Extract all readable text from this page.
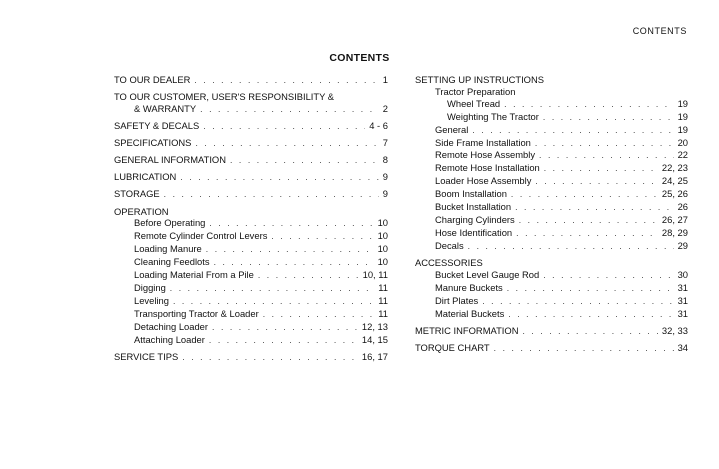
CONTENTS
CONTENTS
TO OUR DEALER . . .	1
TO OUR CUSTOMER, USER'S RESPONSIBILITY &
& WARRANTY . . .	2
SAFETY & DECALS . . .	4 - 6
SPECIFICATIONS . . .	7
GENERAL INFORMATION . . .	8
LUBRICATION . . .	9
STORAGE . . .	9
OPERATION
Before Operating . . .	10
Remote Cylinder Control Levers . . .	10
Loading Manure . . .	10
Cleaning Feedlots . . .	10
Loading Material From a Pile . . .	10, 11
Digging . . .	11
Leveling . . .	11
Transporting Tractor & Loader . . .	11
Detaching Loader . . .	12, 13
Attaching Loader . . .	14, 15
SERVICE TIPS . . .	16, 17
SETTING UP INSTRUCTIONS
Tractor Preparation
Wheel Tread . . .	19
Weighting The Tractor . . .	19
General . . .	19
Side Frame Installation . . .	20
Remote Hose Assembly . . .	22
Remote Hose Installation . . .	22, 23
Loader Hose Assembly . . .	24, 25
Boom Installation . . .	25, 26
Bucket Installation . . .	26
Charging Cylinders . . .	26, 27
Hose Identification . . .	28, 29
Decals . . .	29
ACCESSORIES
Bucket Level Gauge Rod . . .	30
Manure Buckets . . .	31
Dirt Plates . . .	31
Material Buckets . . .	31
METRIC INFORMATION . . .	32, 33
TORQUE CHART . . .	34
